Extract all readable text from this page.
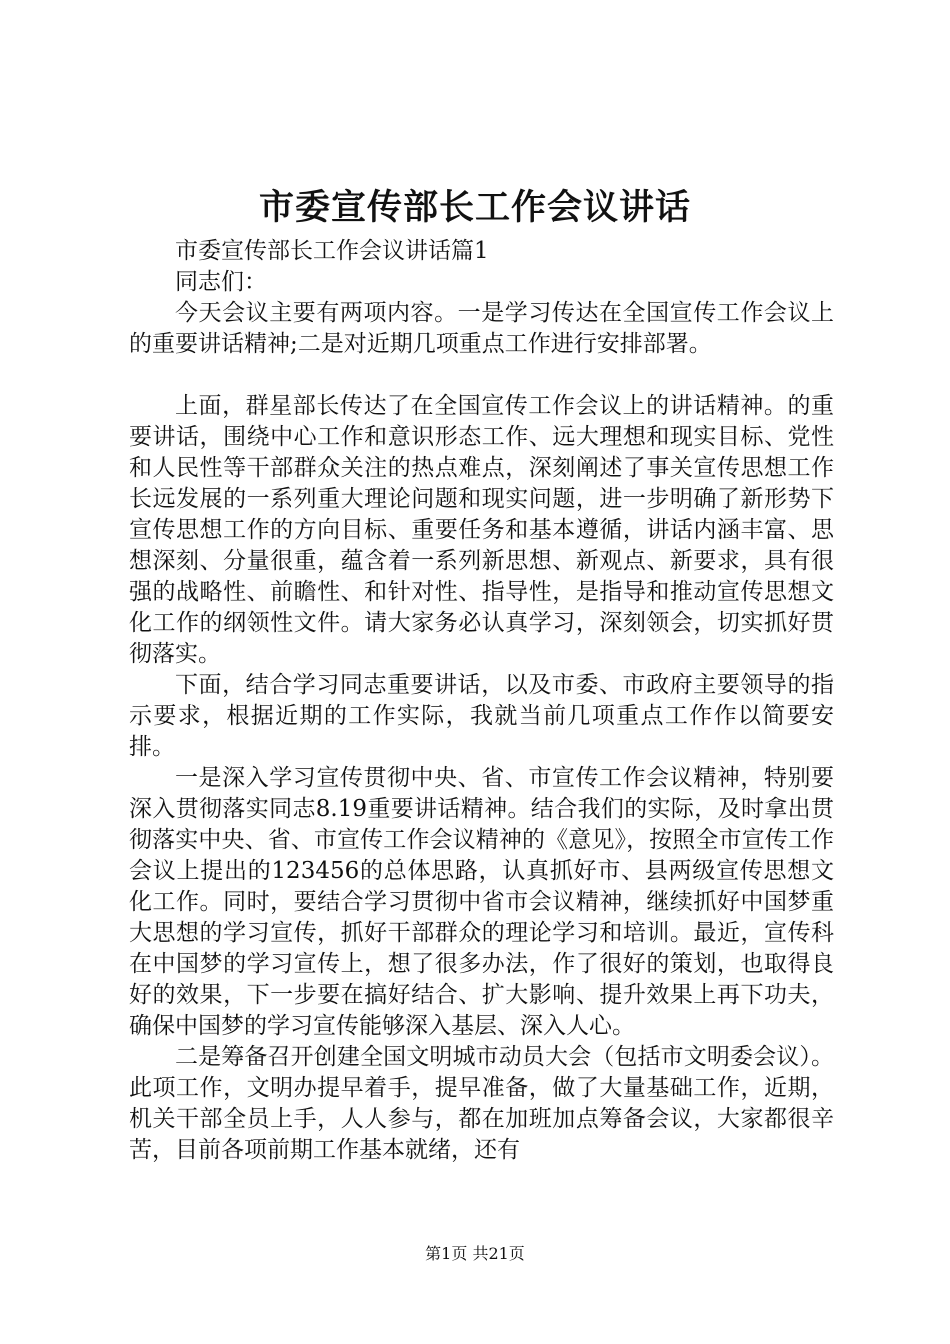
市委宣传部长工作会议讲话

市委宣传部长工作会议讲话篇1

同志们：

今天会议主要有两项内容。一是学习传达在全国宣传工作会议上的重要讲话精神;二是对近期几项重点工作进行安排部署。

上面，群星部长传达了在全国宣传工作会议上的讲话精神。的重要讲话，围绕中心工作和意识形态工作、远大理想和现实目标、党性和人民性等干部群众关注的热点难点，深刻阐述了事关宣传思想工作长远发展的一系列重大理论问题和现实问题，进一步明确了新形势下宣传思想工作的方向目标、重要任务和基本遵循，讲话内涵丰富、思想深刻、分量很重，蕴含着一系列新思想、新观点、新要求，具有很强的战略性、前瞻性、和针对性、指导性，是指导和推动宣传思想文化工作的纲领性文件。请大家务必认真学习，深刻领会，切实抓好贯彻落实。

下面，结合学习同志重要讲话，以及市委、市政府主要领导的指示要求，根据近期的工作实际，我就当前几项重点工作作以简要安排。

一是深入学习宣传贯彻中央、省、市宣传工作会议精神，特别要深入贯彻落实同志8.19重要讲话精神。结合我们的实际，及时拿出贯彻落实中央、省、市宣传工作会议精神的《意见》，按照全市宣传工作会议上提出的123456的总体思路，认真抓好市、县两级宣传思想文化工作。同时，要结合学习贯彻中省市会议精神，继续抓好中国梦重大思想的学习宣传，抓好干部群众的理论学习和培训。最近，宣传科在中国梦的学习宣传上，想了很多办法，作了很好的策划，也取得良好的效果，下一步要在搞好结合、扩大影响、提升效果上再下功夫，确保中国梦的学习宣传能够深入基层、深入人心。

二是筹备召开创建全国文明城市动员大会（包括市文明委会议）。此项工作，文明办提早着手，提早准备，做了大量基础工作，近期，机关干部全员上手，人人参与，都在加班加点筹备会议，大家都很辛苦，目前各项前期工作基本就绪，还有

第1页 共21页
